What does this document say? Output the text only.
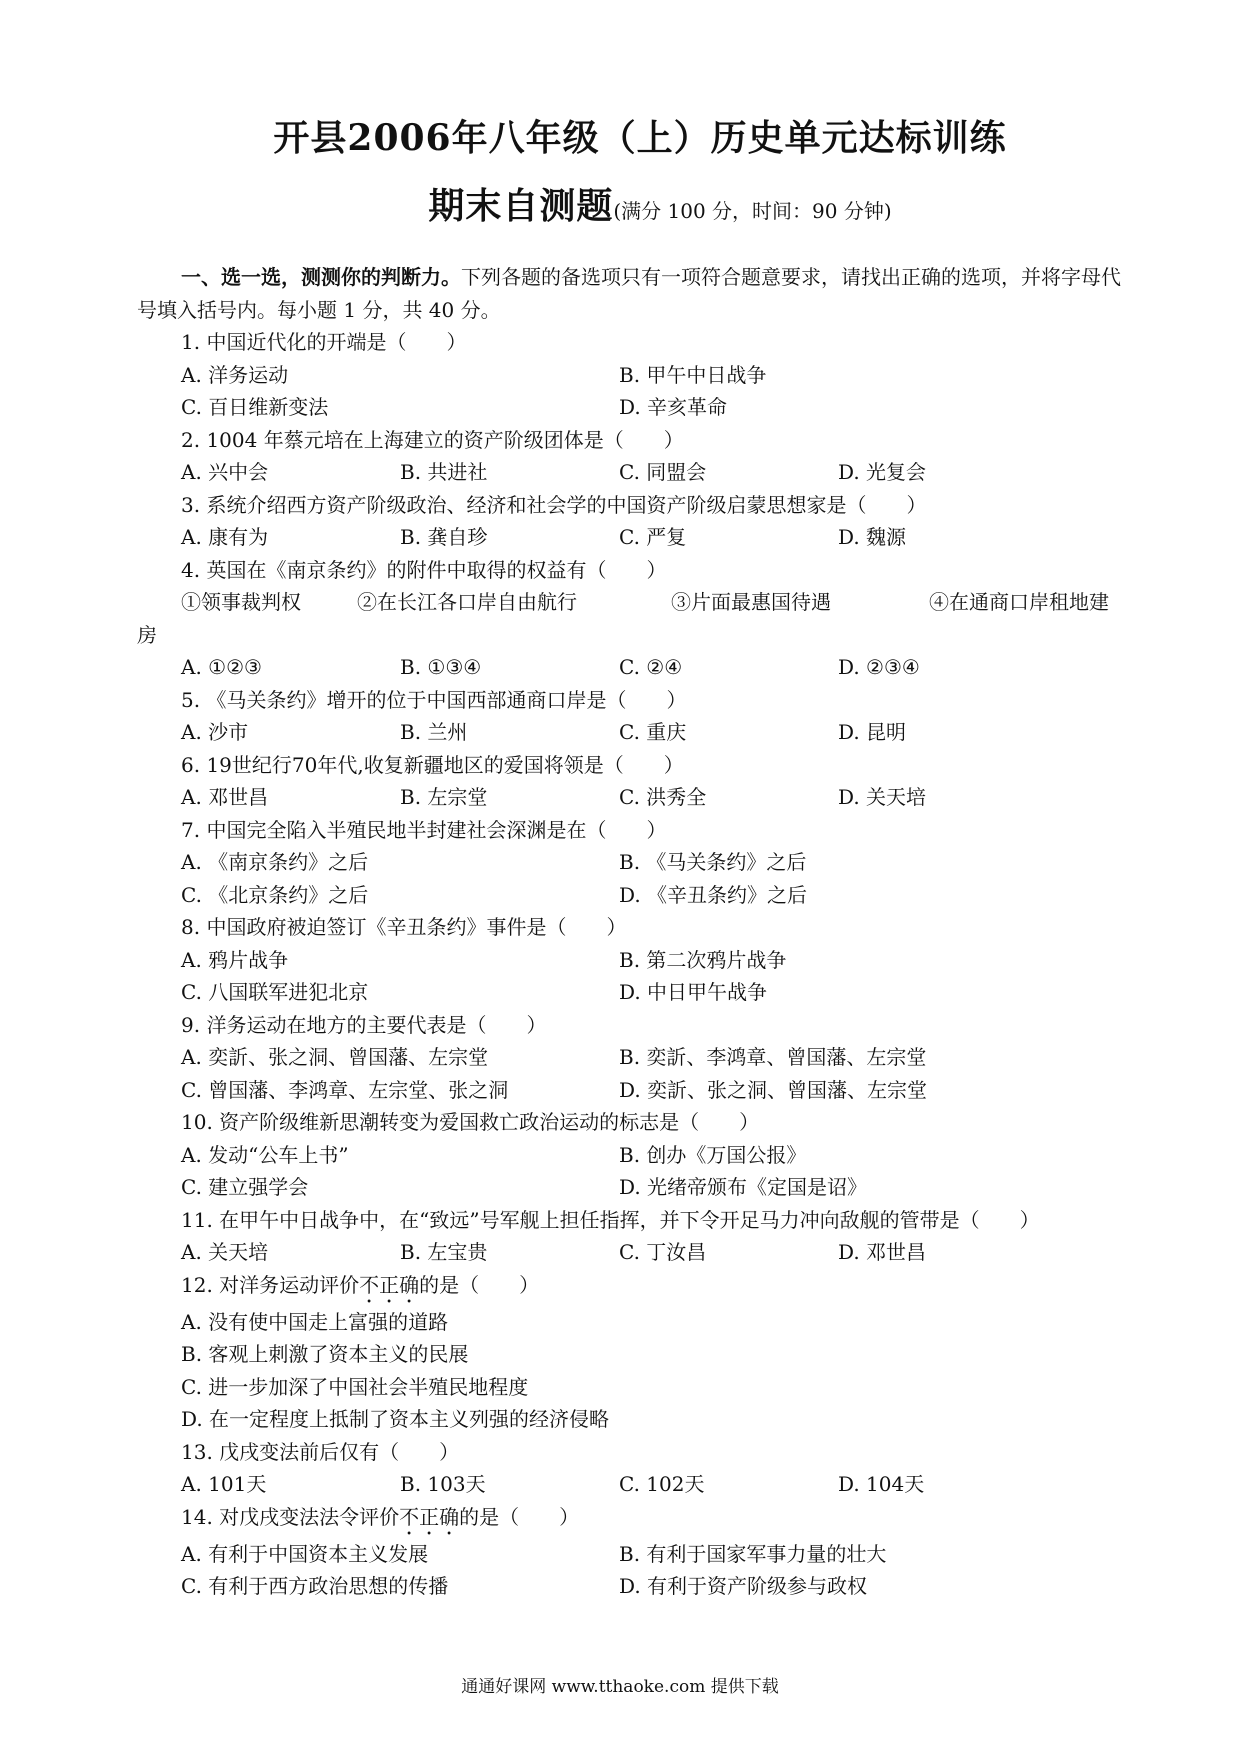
开县2006年八年级（上）历史单元达标训练
期末自测题(满分 100 分，时间：90 分钟)

一、选一选，测测你的判断力。下列各题的备选项只有一项符合题意要求，请找出正确的选项，并将字母代号填入括号内。每小题 1 分，共 40 分。

1. 中国近代化的开端是（　　）
A. 洋务运动	B. 甲午中日战争
C. 百日维新变法	D. 辛亥革命
2. 1004 年蔡元培在上海建立的资产阶级团体是（　　）
A. 兴中会	B. 共进社	C. 同盟会	D. 光复会
3. 系统介绍西方资产阶级政治、经济和社会学的中国资产阶级启蒙思想家是（　　）
A. 康有为	B. 龚自珍	C. 严复	D. 魏源
4. 英国在《南京条约》的附件中取得的权益有（　　）
①领事裁判权	②在长江各口岸自由航行	③片面最惠国待遇	④在通商口岸租地建
房
A. ①②③	B. ①③④	C. ②④	D. ②③④
5. 《马关条约》增开的位于中国西部通商口岸是（　　）
A. 沙市	B. 兰州	C. 重庆	D. 昆明
6. 19世纪行70年代,收复新疆地区的爱国将领是（　　）
A. 邓世昌	B. 左宗堂	C. 洪秀全	D. 关天培
7. 中国完全陷入半殖民地半封建社会深渊是在（　　）
A. 《南京条约》之后	B. 《马关条约》之后
C. 《北京条约》之后	D. 《辛丑条约》之后
8. 中国政府被迫签订《辛丑条约》事件是（　　）
A. 鸦片战争	B. 第二次鸦片战争
C. 八国联军进犯北京	D. 中日甲午战争
9. 洋务运动在地方的主要代表是（　　）
A. 奕訢、张之洞、曾国藩、左宗堂	B. 奕訢、李鸿章、曾国藩、左宗堂
C. 曾国藩、李鸿章、左宗堂、张之洞	D. 奕訢、张之洞、曾国藩、左宗堂
10. 资产阶级维新思潮转变为爱国救亡政治运动的标志是（　　）
A. 发动“公车上书”	B. 创办《万国公报》
C. 建立强学会	D. 光绪帝颁布《定国是诏》
11. 在甲午中日战争中，在“致远”号军舰上担任指挥，并下令开足马力冲向敌舰的管带是（　　）
A. 关天培	B. 左宝贵	C. 丁汝昌	D. 邓世昌
12. 对洋务运动评价不正确的是（　　）
A. 没有使中国走上富强的道路
B. 客观上刺激了资本主义的民展
C. 进一步加深了中国社会半殖民地程度
D. 在一定程度上抵制了资本主义列强的经济侵略
13. 戊戌变法前后仅有（　　）
A. 101天	B. 103天	C. 102天	D. 104天
14. 对戊戌变法法令评价不正确的是（　　）
A. 有利于中国资本主义发展	B. 有利于国家军事力量的壮大
C. 有利于西方政治思想的传播	D. 有利于资产阶级参与政权
通通好课网 www.tthaoke.com 提供下载
